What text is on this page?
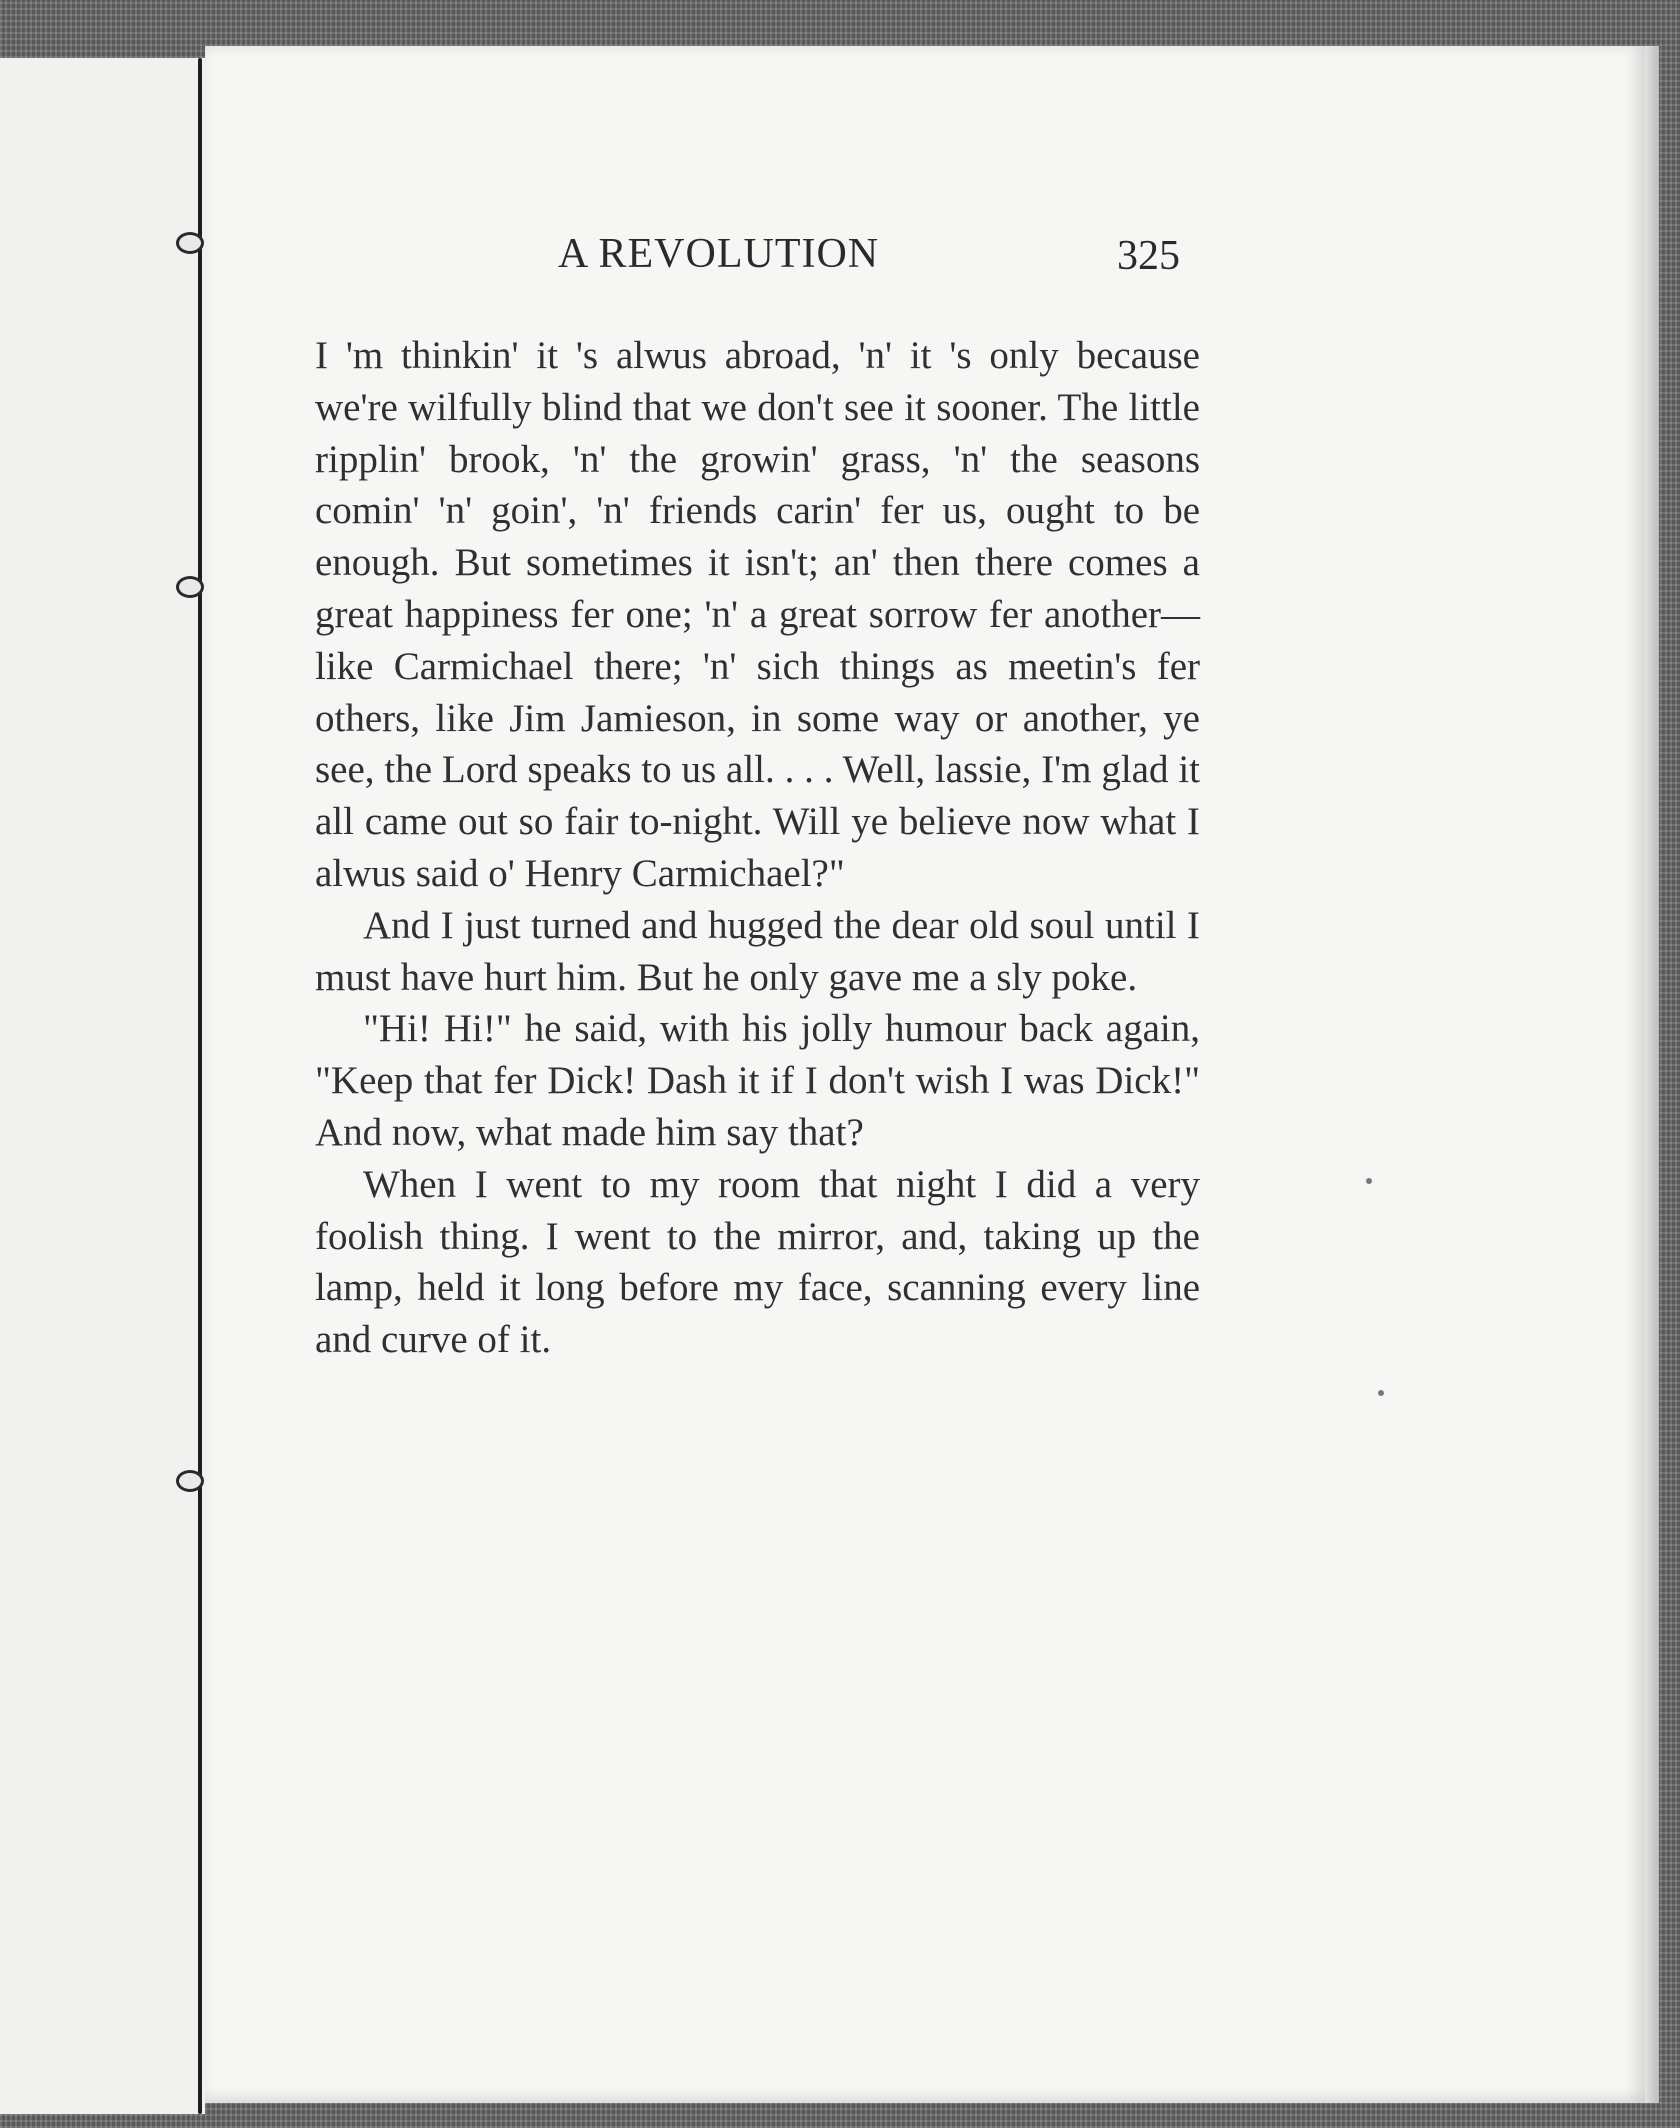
A REVOLUTION	325

I 'm thinkin' it 's alwus abroad, 'n' it 's only because we're wilfully blind that we don't see it sooner. The little ripplin' brook, 'n' the growin' grass, 'n' the seasons comin' 'n' goin', 'n' friends carin' fer us, ought to be enough. But sometimes it isn't; an' then there comes a great happiness fer one; 'n' a great sorrow fer another—like Carmichael there; 'n' sich things as meetin's fer others, like Jim Jamieson, in some way or another, ye see, the Lord speaks to us all. . . . Well, lassie, I'm glad it all came out so fair to-night. Will ye believe now what I alwus said o' Henry Carmichael?"

And I just turned and hugged the dear old soul until I must have hurt him. But he only gave me a sly poke.

"Hi! Hi!" he said, with his jolly humour back again, "Keep that fer Dick! Dash it if I don't wish I was Dick!" And now, what made him say that?

When I went to my room that night I did a very foolish thing. I went to the mirror, and, taking up the lamp, held it long before my face, scanning every line and curve of it.
